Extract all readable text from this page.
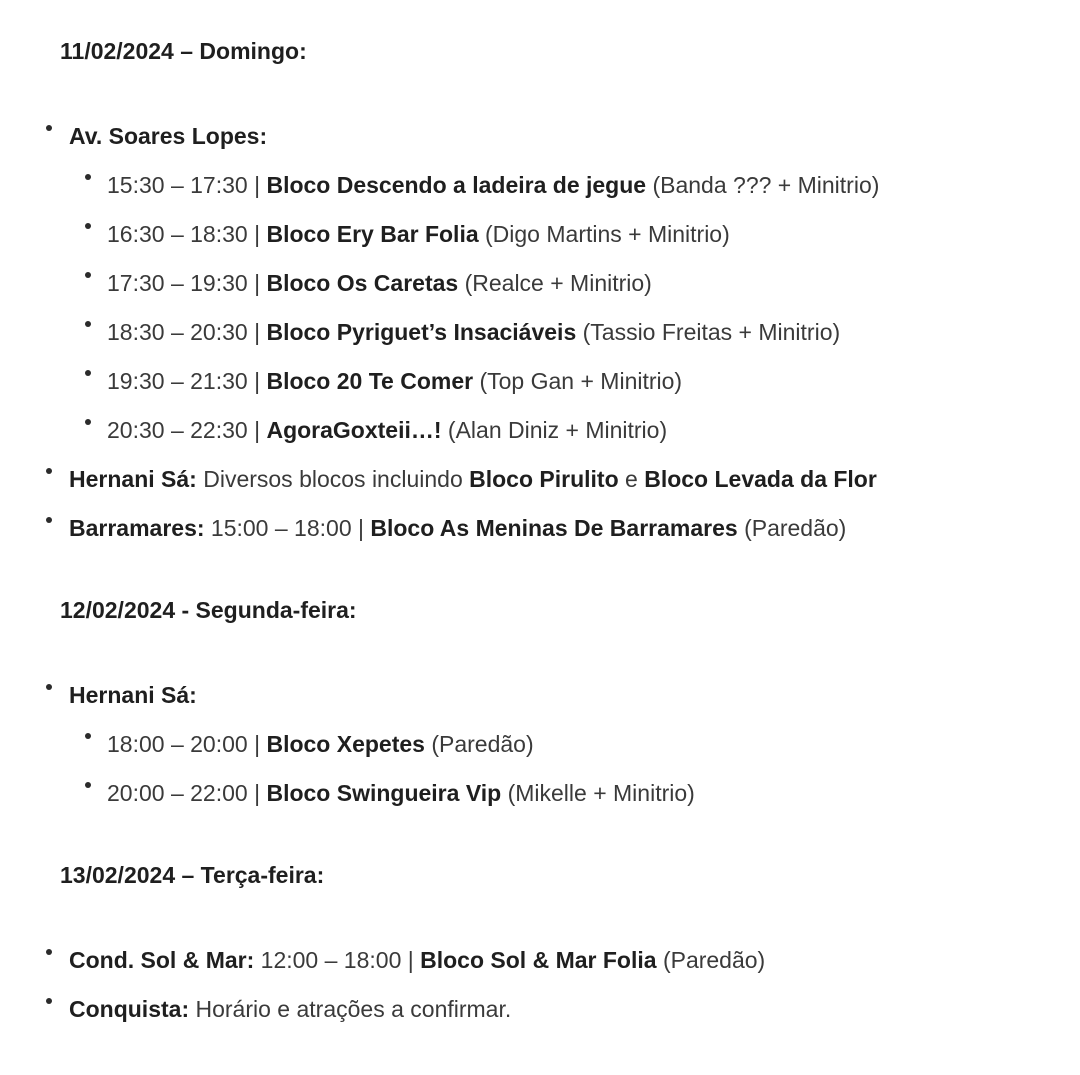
11/02/2024 – Domingo:
Av. Soares Lopes:
15:30 – 17:30 | Bloco Descendo a ladeira de jegue (Banda ??? + Minitrio)
16:30 – 18:30 | Bloco Ery Bar Folia (Digo Martins + Minitrio)
17:30 – 19:30 | Bloco Os Caretas (Realce + Minitrio)
18:30 – 20:30 | Bloco Pyriguet’s Insaciáveis (Tassio Freitas + Minitrio)
19:30 – 21:30 | Bloco 20 Te Comer (Top Gan + Minitrio)
20:30 – 22:30 | AgoraGoxteii…! (Alan Diniz + Minitrio)
Hernani Sá: Diversos blocos incluindo Bloco Pirulito e Bloco Levada da Flor
Barramares: 15:00 – 18:00 | Bloco As Meninas De Barramares (Paredão)
12/02/2024 - Segunda-feira:
Hernani Sá:
18:00 – 20:00 | Bloco Xepetes (Paredão)
20:00 – 22:00 | Bloco Swingueira Vip (Mikelle + Minitrio)
13/02/2024 – Terça-feira:
Cond. Sol & Mar: 12:00 – 18:00 | Bloco Sol & Mar Folia (Paredão)
Conquista: Horário e atrações a confirmar.
